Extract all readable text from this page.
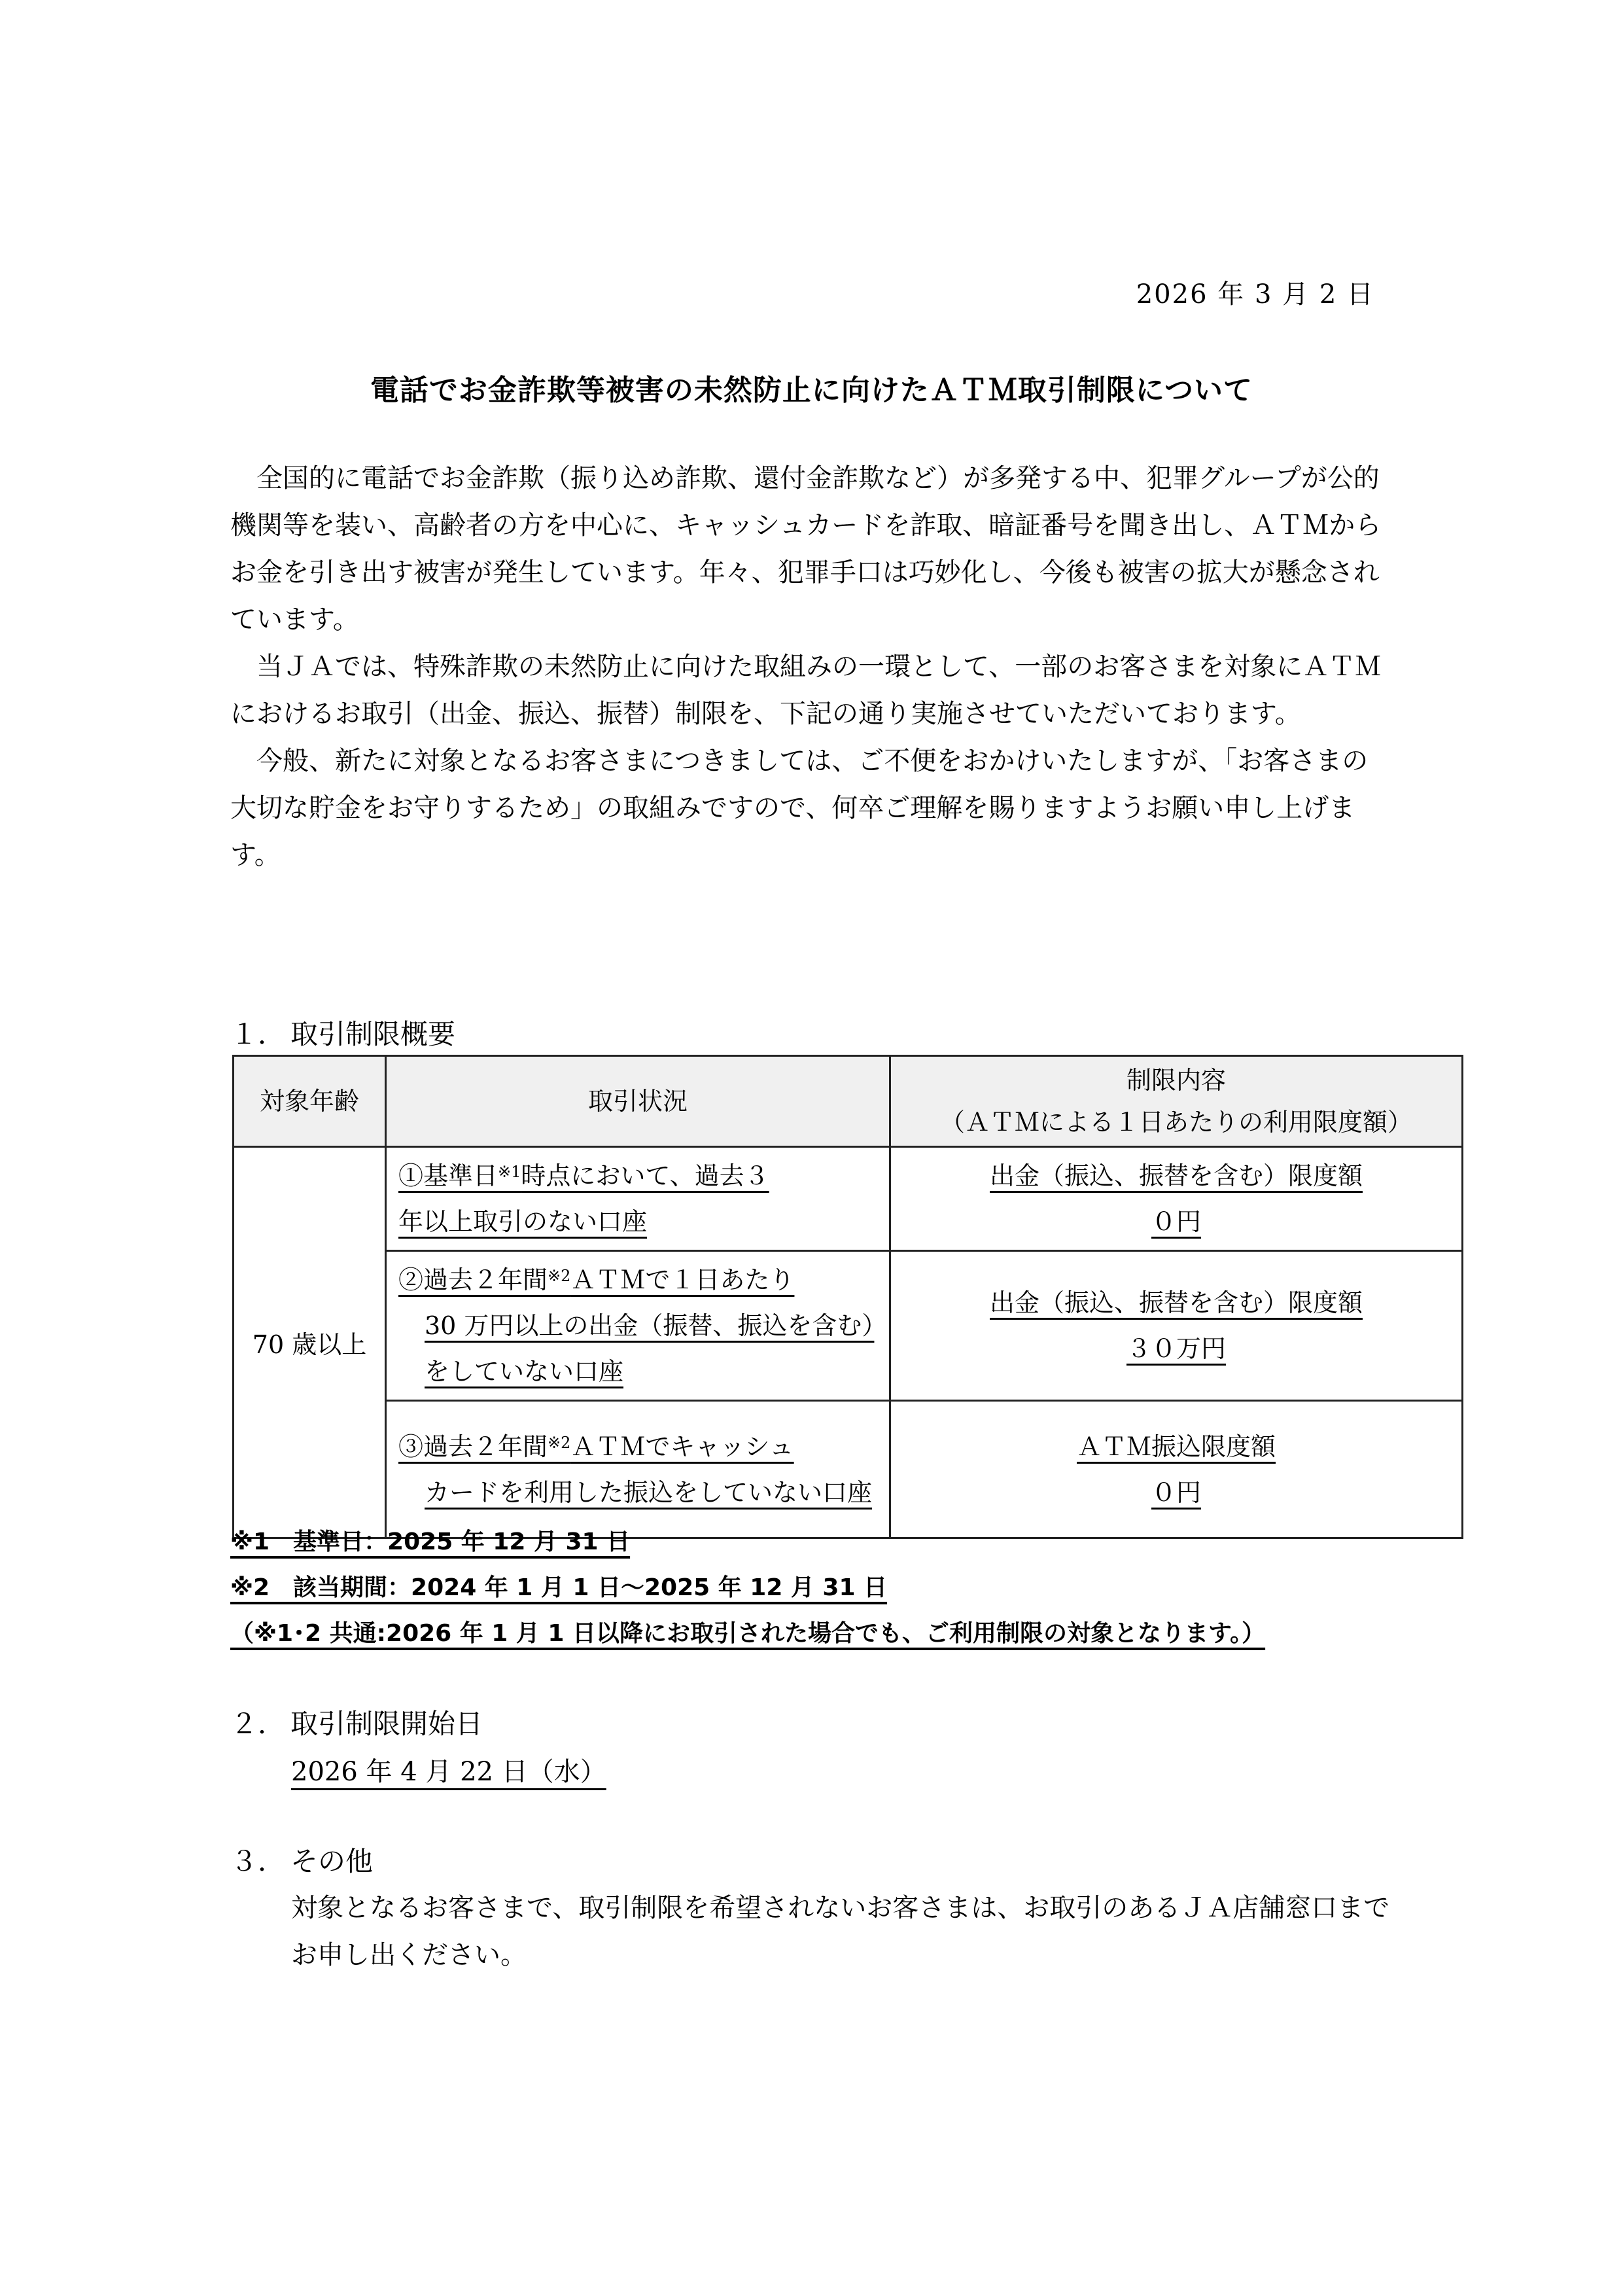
2026 年 3 月 2 日
電話でお金詐欺等被害の未然防止に向けたＡＴＭ取引制限について

全国的に電話でお金詐欺（振り込め詐欺、還付金詐欺など）が多発する中、犯罪グループが公的機関等を装い、高齢者の方を中心に、キャッシュカードを詐取、暗証番号を聞き出し、ＡＴＭからお金を引き出す被害が発生しています。年々、犯罪手口は巧妙化し、今後も被害の拡大が懸念されています。

当ＪＡでは、特殊詐欺の未然防止に向けた取組みの一環として、一部のお客さまを対象にＡＴＭにおけるお取引（出金、振込、振替）制限を、下記の通り実施させていただいております。

今般、新たに対象となるお客さまにつきましては、ご不便をおかけいたしますが、「お客さまの大切な貯金をお守りするため」の取組みですので、何卒ご理解を賜りますようお願い申し上げます。

１． 取引制限概要
対象年齢	取引状況	制限内容
（ＡＴＭによる１日あたりの利用限度額）

70 歳以上	①基準日$^{※1}$時点において、過去３
年以上取引のない口座	出金（振込、振替を含む）限度額
０円

	②過去２年間$^{※2}$ＡＴＭで１日あたり
30 万円以上の出金（振替、振込を含む）をしていない口座	出金（振込、振替を含む）限度額
３０万円

	③過去２年間$^{※2}$ＡＴＭでキャッシュ
カードを利用した振込をしていない口座	ＡＴＭ振込限度額
０円
※1　基準日：2025 年 12 月 31 日
※2　該当期間：2024 年 1 月 1 日～2025 年 12 月 31 日
（※1･2 共通:2026 年 1 月 1 日以降にお取引された場合でも、ご利用制限の対象となります。）
２． 取引制限開始日
2026 年 4 月 22 日（水）
３． その他
対象となるお客さまで、取引制限を希望されないお客さまは、お取引のあるＪＡ店舗窓口までお申し出ください。
